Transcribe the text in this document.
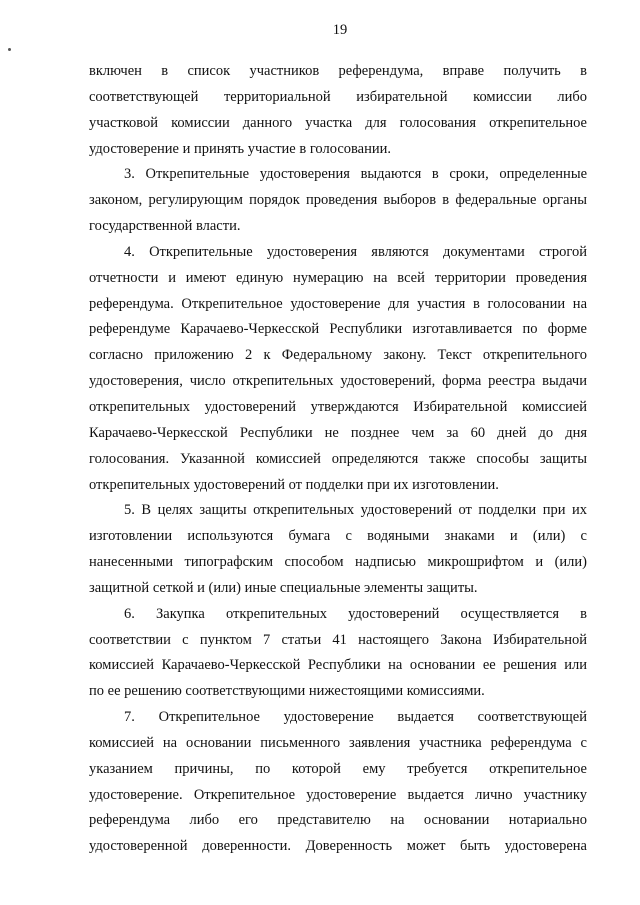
19
включен в список участников референдума, вправе получить в
соответствующей территориальной избирательной комиссии либо
участковой комиссии данного участка для голосования открепительное
удостоверение и принять участие в голосовании.
3. Открепительные удостоверения выдаются в сроки, определенные
законом, регулирующим порядок проведения выборов в федеральные органы
государственной власти.
4. Открепительные удостоверения являются документами строгой
отчетности и имеют единую нумерацию на всей территории проведения
референдума. Открепительное удостоверение для участия в голосовании на
референдуме Карачаево-Черкесской Республики изготавливается по форме
согласно приложению 2 к Федеральному закону. Текст открепительного
удостоверения, число открепительных удостоверений, форма реестра выдачи
открепительных удостоверений утверждаются Избирательной комиссией
Карачаево-Черкесской Республики не позднее чем за 60 дней до дня
голосования. Указанной комиссией определяются также способы защиты
открепительных удостоверений от подделки при их изготовлении.
5. В целях защиты открепительных удостоверений от подделки при их
изготовлении используются бумага с водяными знаками и (или) с
нанесенными типографским способом надписью микрошрифтом и (или)
защитной сеткой и (или) иные специальные элементы защиты.
6. Закупка открепительных удостоверений осуществляется в
соответствии с пунктом 7 статьи 41 настоящего Закона Избирательной
комиссией Карачаево-Черкесской Республики на основании ее решения или
по ее решению соответствующими нижестоящими комиссиями.
7. Открепительное удостоверение выдается соответствующей
комиссией на основании письменного заявления участника референдума с
указанием причины, по которой ему требуется открепительное
удостоверение. Открепительное удостоверение выдается лично участнику
референдума либо его представителю на основании нотариально
удостоверенной доверенности. Доверенность может быть удостоверена
